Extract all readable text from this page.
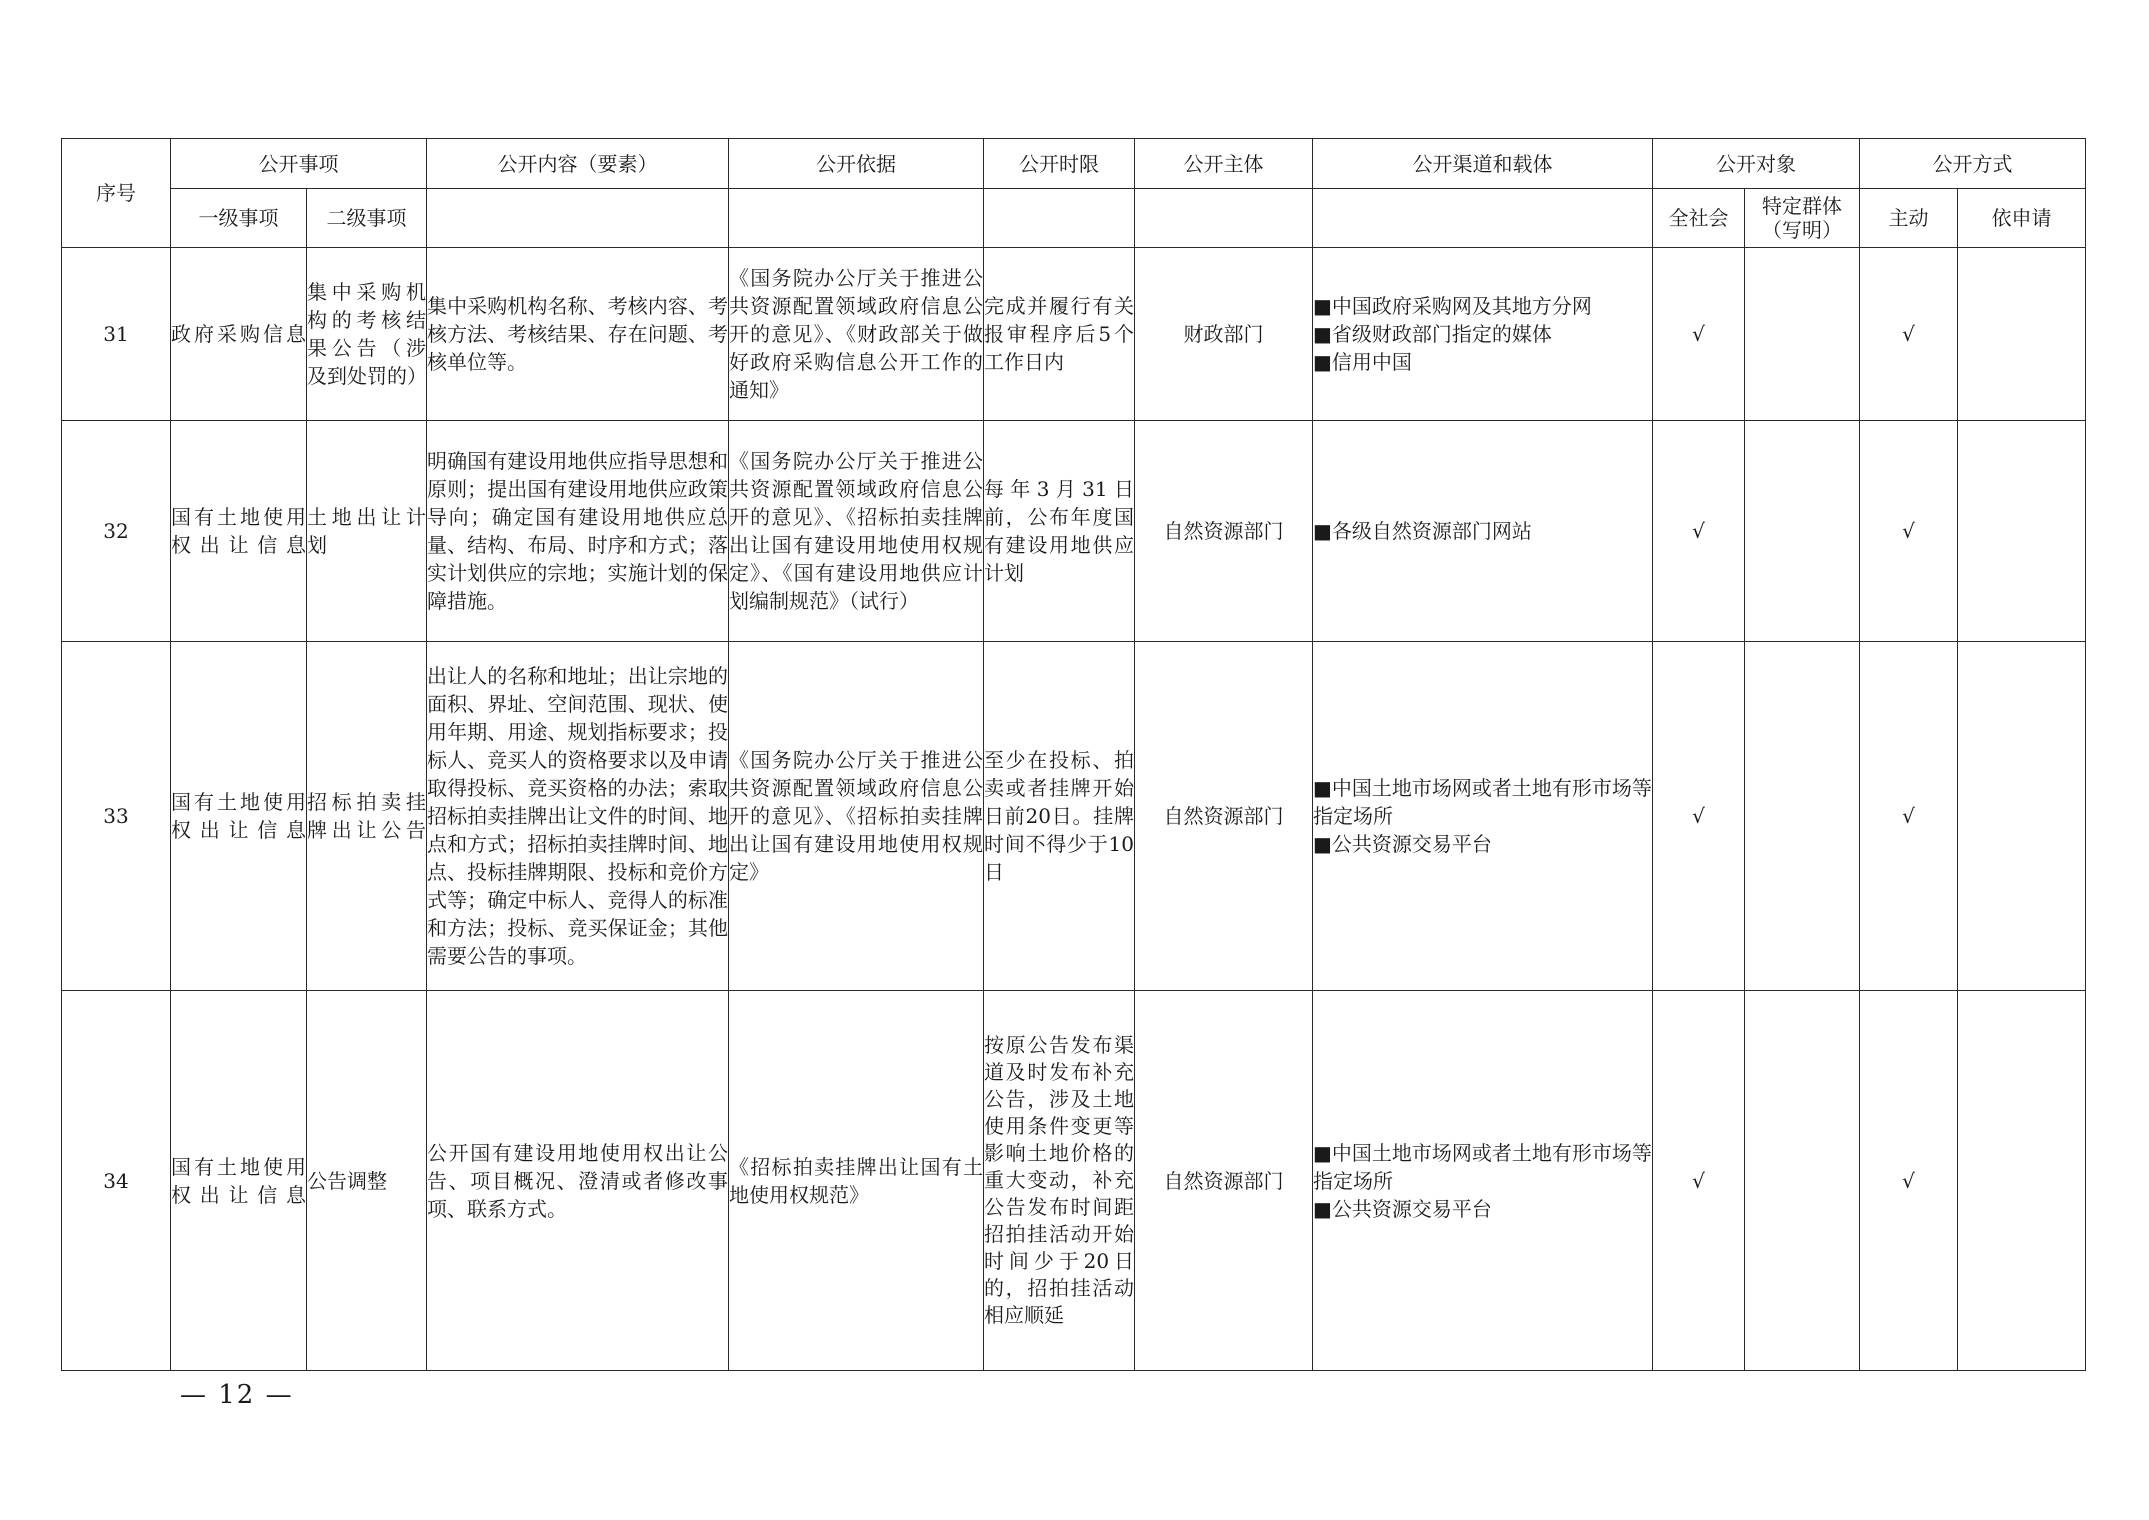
序号	公开事项		公开内容（要素）	公开依据	公开时限	公开主体	公开渠道和载体	公开对象		公开方式	
	一级事项	二级事项						全社会	特定群体（写明）	主动	依申请
31	政府采购信息	集中采购机构的考核结果公告（涉及到处罚的）	集中采购机构名称、考核内容、考核方法、考核结果、存在问题、考核单位等。	《国务院办公厅关于推进公共资源配置领域政府信息公开的意见》、《财政部关于做好政府采购信息公开工作的通知》	完成并履行有关报审程序后5个工作日内	财政部门	■中国政府采购网及其地方分网
■省级财政部门指定的媒体
■信用中国	√		√	
32	国有土地使用权出让信息	土地出让计划	明确国有建设用地供应指导思想和原则；提出国有建设用地供应政策导向；确定国有建设用地供应总量、结构、布局、时序和方式；落实计划供应的宗地；实施计划的保障措施。	《国务院办公厅关于推进公共资源配置领域政府信息公开的意见》、《招标拍卖挂牌出让国有建设用地使用权规定》、《国有建设用地供应计划编制规范》（试行）	每年3月31日前，公布年度国有建设用地供应计划	自然资源部门	■各级自然资源部门网站	√		√	
33	国有土地使用权出让信息	招标拍卖挂牌出让公告	出让人的名称和地址；出让宗地的面积、界址、空间范围、现状、使用年期、用途、规划指标要求；投标人、竞买人的资格要求以及申请取得投标、竞买资格的办法；索取招标拍卖挂牌出让文件的时间、地点和方式；招标拍卖挂牌时间、地点、投标挂牌期限、投标和竞价方式等；确定中标人、竞得人的标准和方法；投标、竞买保证金；其他需要公告的事项。	《国务院办公厅关于推进公共资源配置领域政府信息公开的意见》、《招标拍卖挂牌出让国有建设用地使用权规定》	至少在投标、拍卖或者挂牌开始日前20日。挂牌时间不得少于10日	自然资源部门	■中国土地市场网或者土地有形市场等指定场所
■公共资源交易平台	√		√	
34	国有土地使用权出让信息	公告调整	公开国有建设用地使用权出让公告、项目概况、澄清或者修改事项、联系方式。	《招标拍卖挂牌出让国有土地使用权规范》	按原公告发布渠道及时发布补充公告，涉及土地使用条件变更等影响土地价格的重大变动，补充公告发布时间距招拍挂活动开始时间少于20日的，招拍挂活动相应顺延	自然资源部门	■中国土地市场网或者土地有形市场等指定场所
■公共资源交易平台	√		√	
— 12 —
